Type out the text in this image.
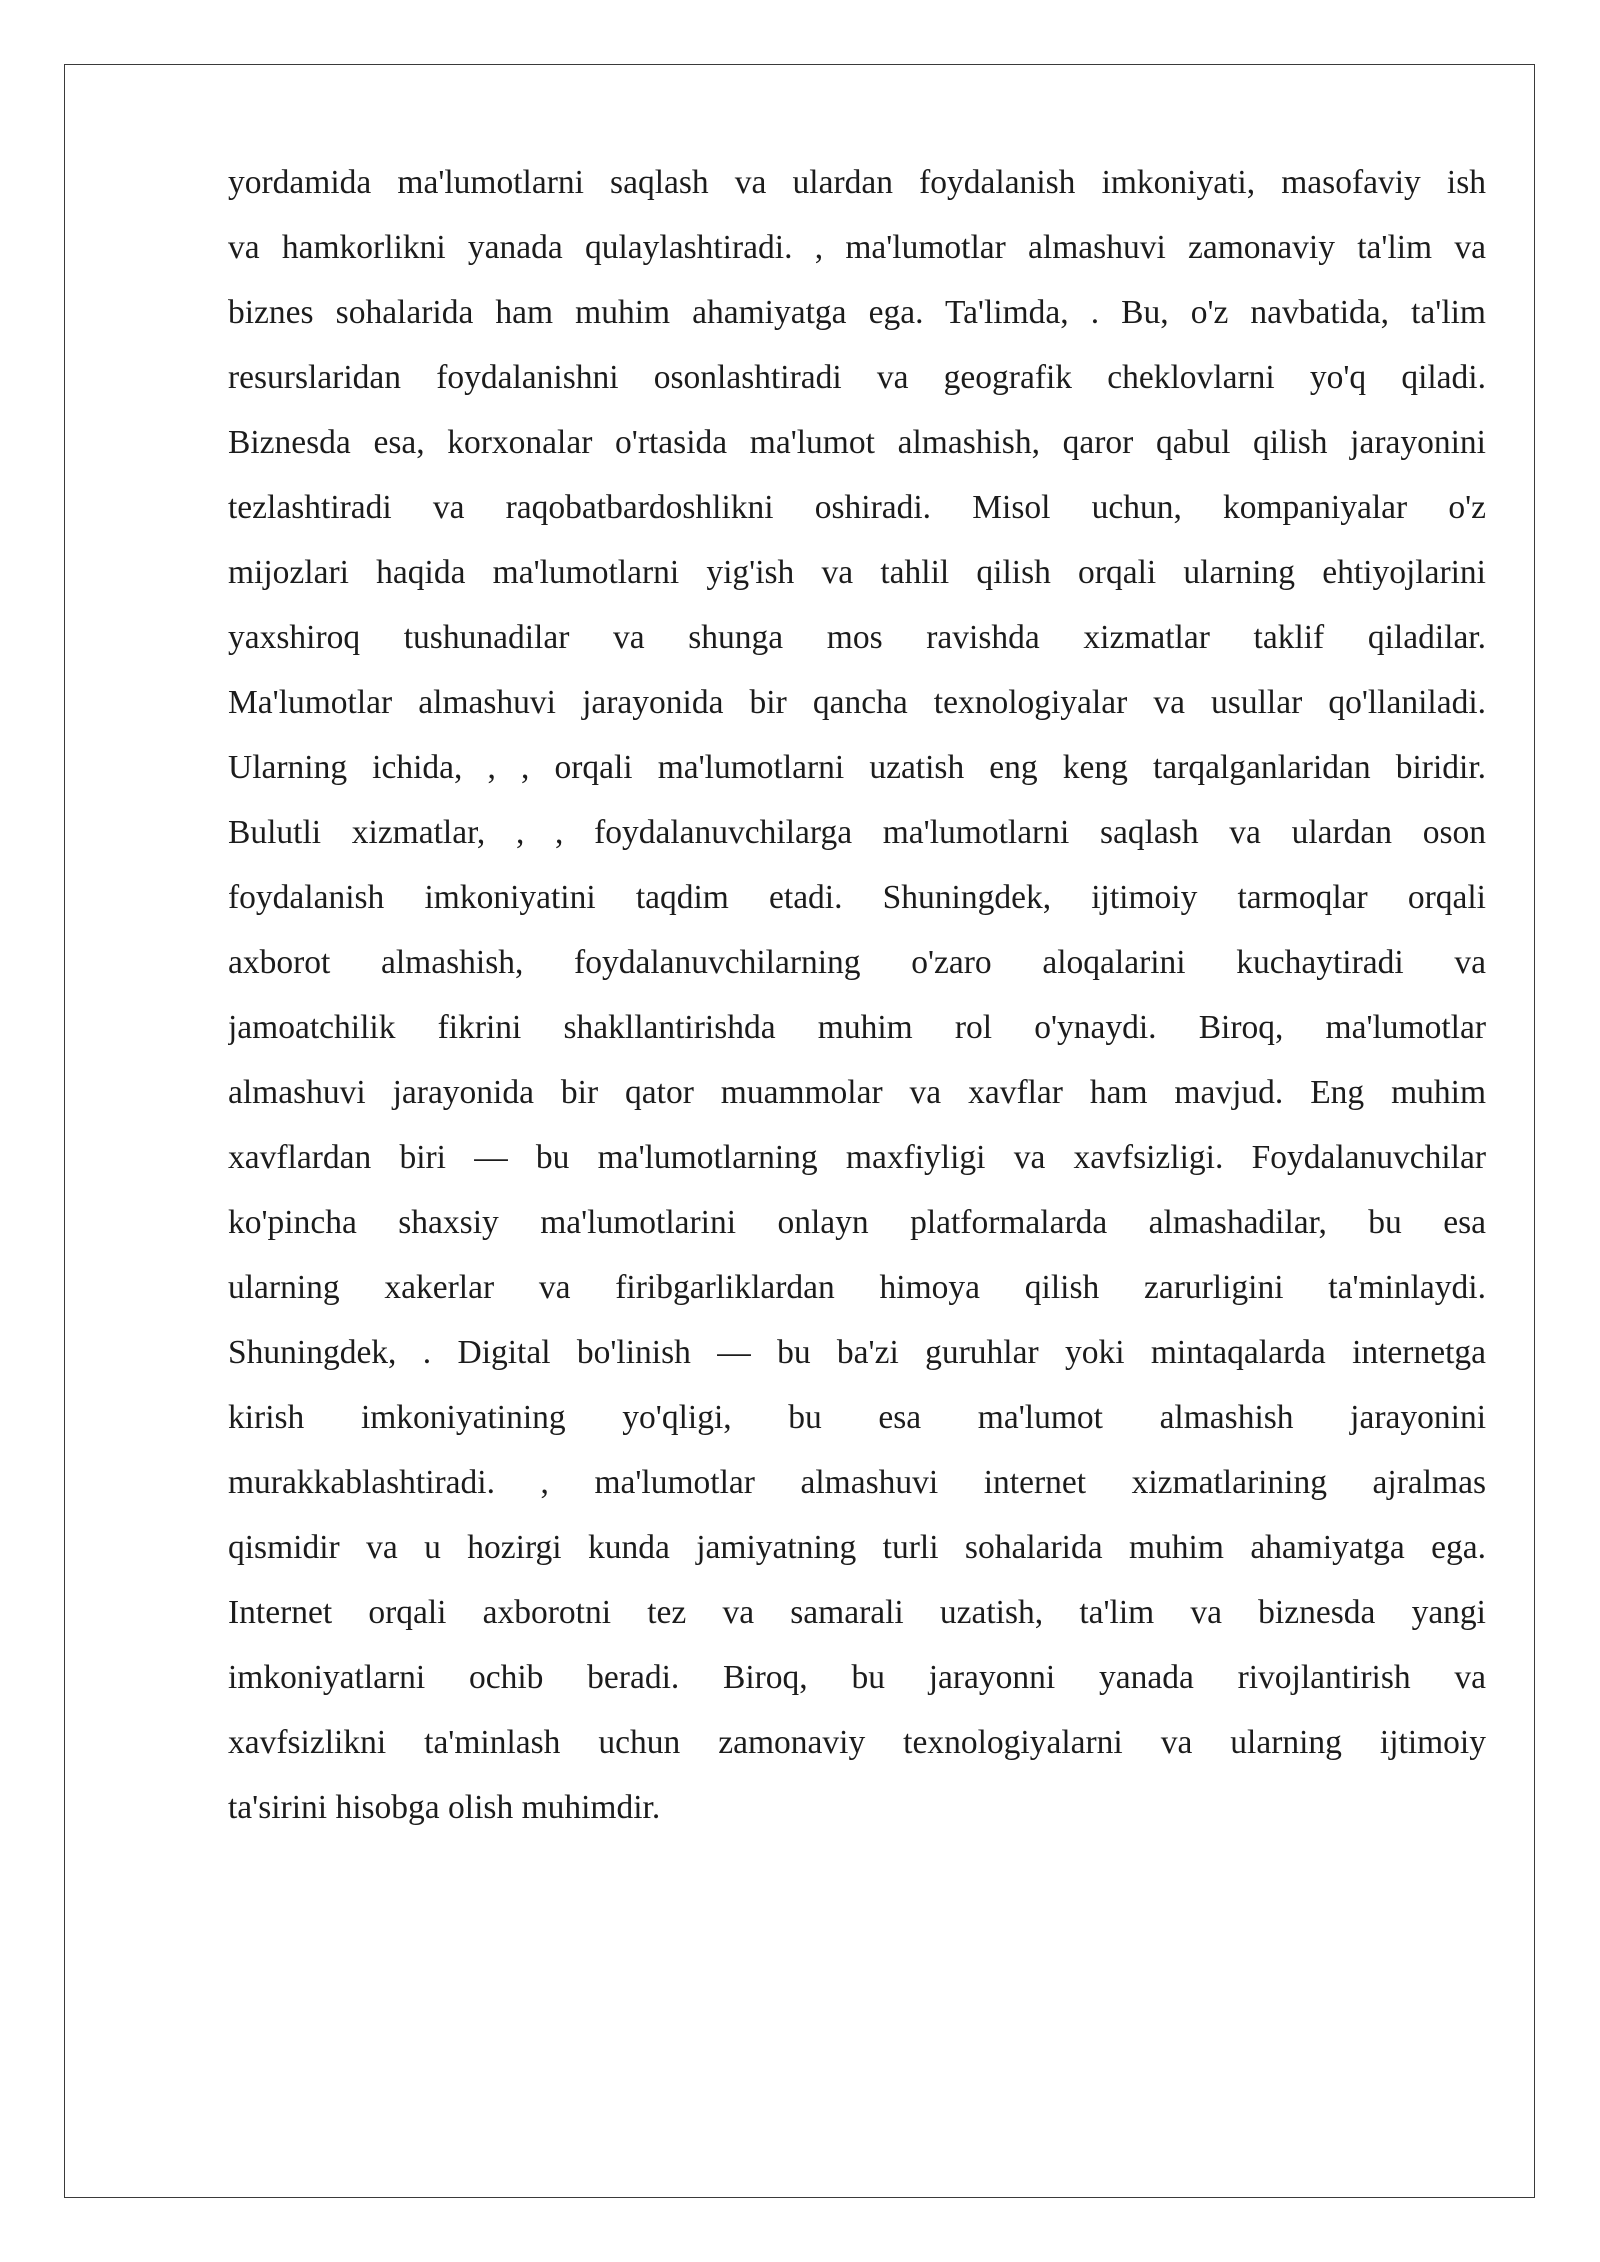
yordamida ma'lumotlarni saqlash va ulardan foydalanish imkoniyati, masofaviy ish
va hamkorlikni yanada qulaylashtiradi. , ma'lumotlar almashuvi zamonaviy ta'lim va
biznes sohalarida ham muhim ahamiyatga ega. Ta'limda, . Bu, o'z navbatida, ta'lim
resurslaridan foydalanishni osonlashtiradi va geografik cheklovlarni yo'q qiladi.
Biznesda esa, korxonalar o'rtasida ma'lumot almashish, qaror qabul qilish jarayonini
tezlashtiradi va raqobatbardoshlikni oshiradi. Misol uchun, kompaniyalar o'z
mijozlari haqida ma'lumotlarni yig'ish va tahlil qilish orqali ularning ehtiyojlarini
yaxshiroq tushunadilar va shunga mos ravishda xizmatlar taklif qiladilar.
Ma'lumotlar almashuvi jarayonida bir qancha texnologiyalar va usullar qo'llaniladi.
Ularning ichida, , , orqali ma'lumotlarni uzatish eng keng tarqalganlaridan biridir.
Bulutli xizmatlar, , , foydalanuvchilarga ma'lumotlarni saqlash va ulardan oson
foydalanish imkoniyatini taqdim etadi. Shuningdek, ijtimoiy tarmoqlar orqali
axborot almashish, foydalanuvchilarning o'zaro aloqalarini kuchaytiradi va
jamoatchilik fikrini shakllantirishda muhim rol o'ynaydi. Biroq, ma'lumotlar
almashuvi jarayonida bir qator muammolar va xavflar ham mavjud. Eng muhim
xavflardan biri — bu ma'lumotlarning maxfiyligi va xavfsizligi. Foydalanuvchilar
ko'pincha shaxsiy ma'lumotlarini onlayn platformalarda almashadilar, bu esa
ularning xakerlar va firibgarliklardan himoya qilish zarurligini ta'minlaydi.
Shuningdek, . Digital bo'linish — bu ba'zi guruhlar yoki mintaqalarda internetga
kirish imkoniyatining yo'qligi, bu esa ma'lumot almashish jarayonini
murakkablashtiradi. , ma'lumotlar almashuvi internet xizmatlarining ajralmas
qismidir va u hozirgi kunda jamiyatning turli sohalarida muhim ahamiyatga ega.
Internet orqali axborotni tez va samarali uzatish, ta'lim va biznesda yangi
imkoniyatlarni ochib beradi. Biroq, bu jarayonni yanada rivojlantirish va
xavfsizlikni ta'minlash uchun zamonaviy texnologiyalarni va ularning ijtimoiy
ta'sirini hisobga olish muhimdir.
